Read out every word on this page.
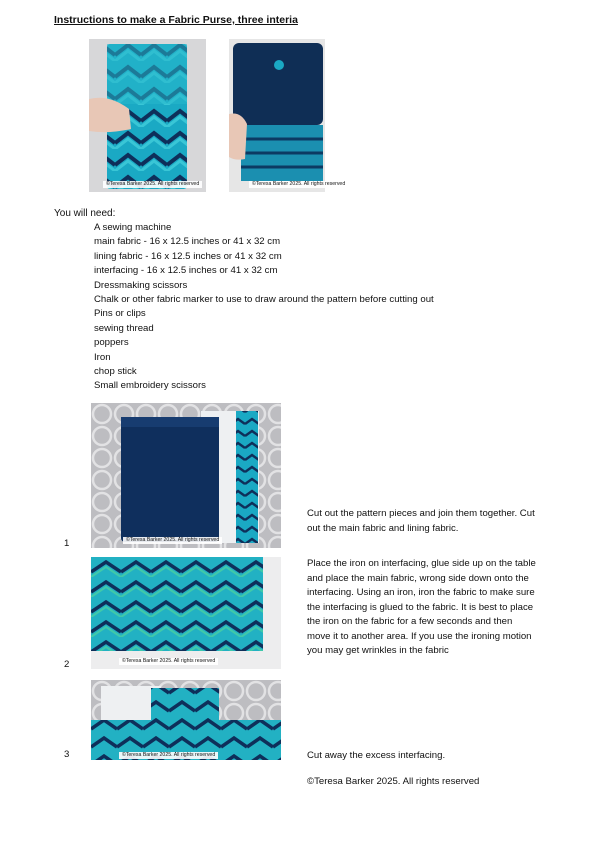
Instructions to make a Fabric Purse, three interia
©Teresa Barker 2025. All rights reserved	©Teresa Barker 2025. All rights reserved
You will need:
A sewing machine
main fabric - 16 x 12.5 inches or 41 x 32 cm
lining fabric - 16 x 12.5 inches or 41 x 32 cm
interfacing - 16 x 12.5 inches or 41 x 32 cm
Dressmaking scissors
Chalk or other fabric marker to use to draw around the pattern before cutting out
Pins or clips
sewing thread
poppers
Iron
chop stick
Small embroidery scissors
1	©Teresa Barker 2025. All rights reserved
Cut out the pattern pieces and join them together. Cut out the main fabric and lining fabric.
2	©Teresa Barker 2025. All rights reserved
Place the iron on interfacing, glue side up on the table and place the main fabric, wrong side down onto the interfacing. Using an iron, iron the fabric to make sure the interfacing is glued to the fabric. It is best to place the iron on the fabric for a few seconds and then move it to another area. If you use the ironing motion you may get wrinkles in the fabric
3	©Teresa Barker 2025. All rights reserved	Cut away the excess interfacing.
©Teresa Barker 2025. All rights reserved
